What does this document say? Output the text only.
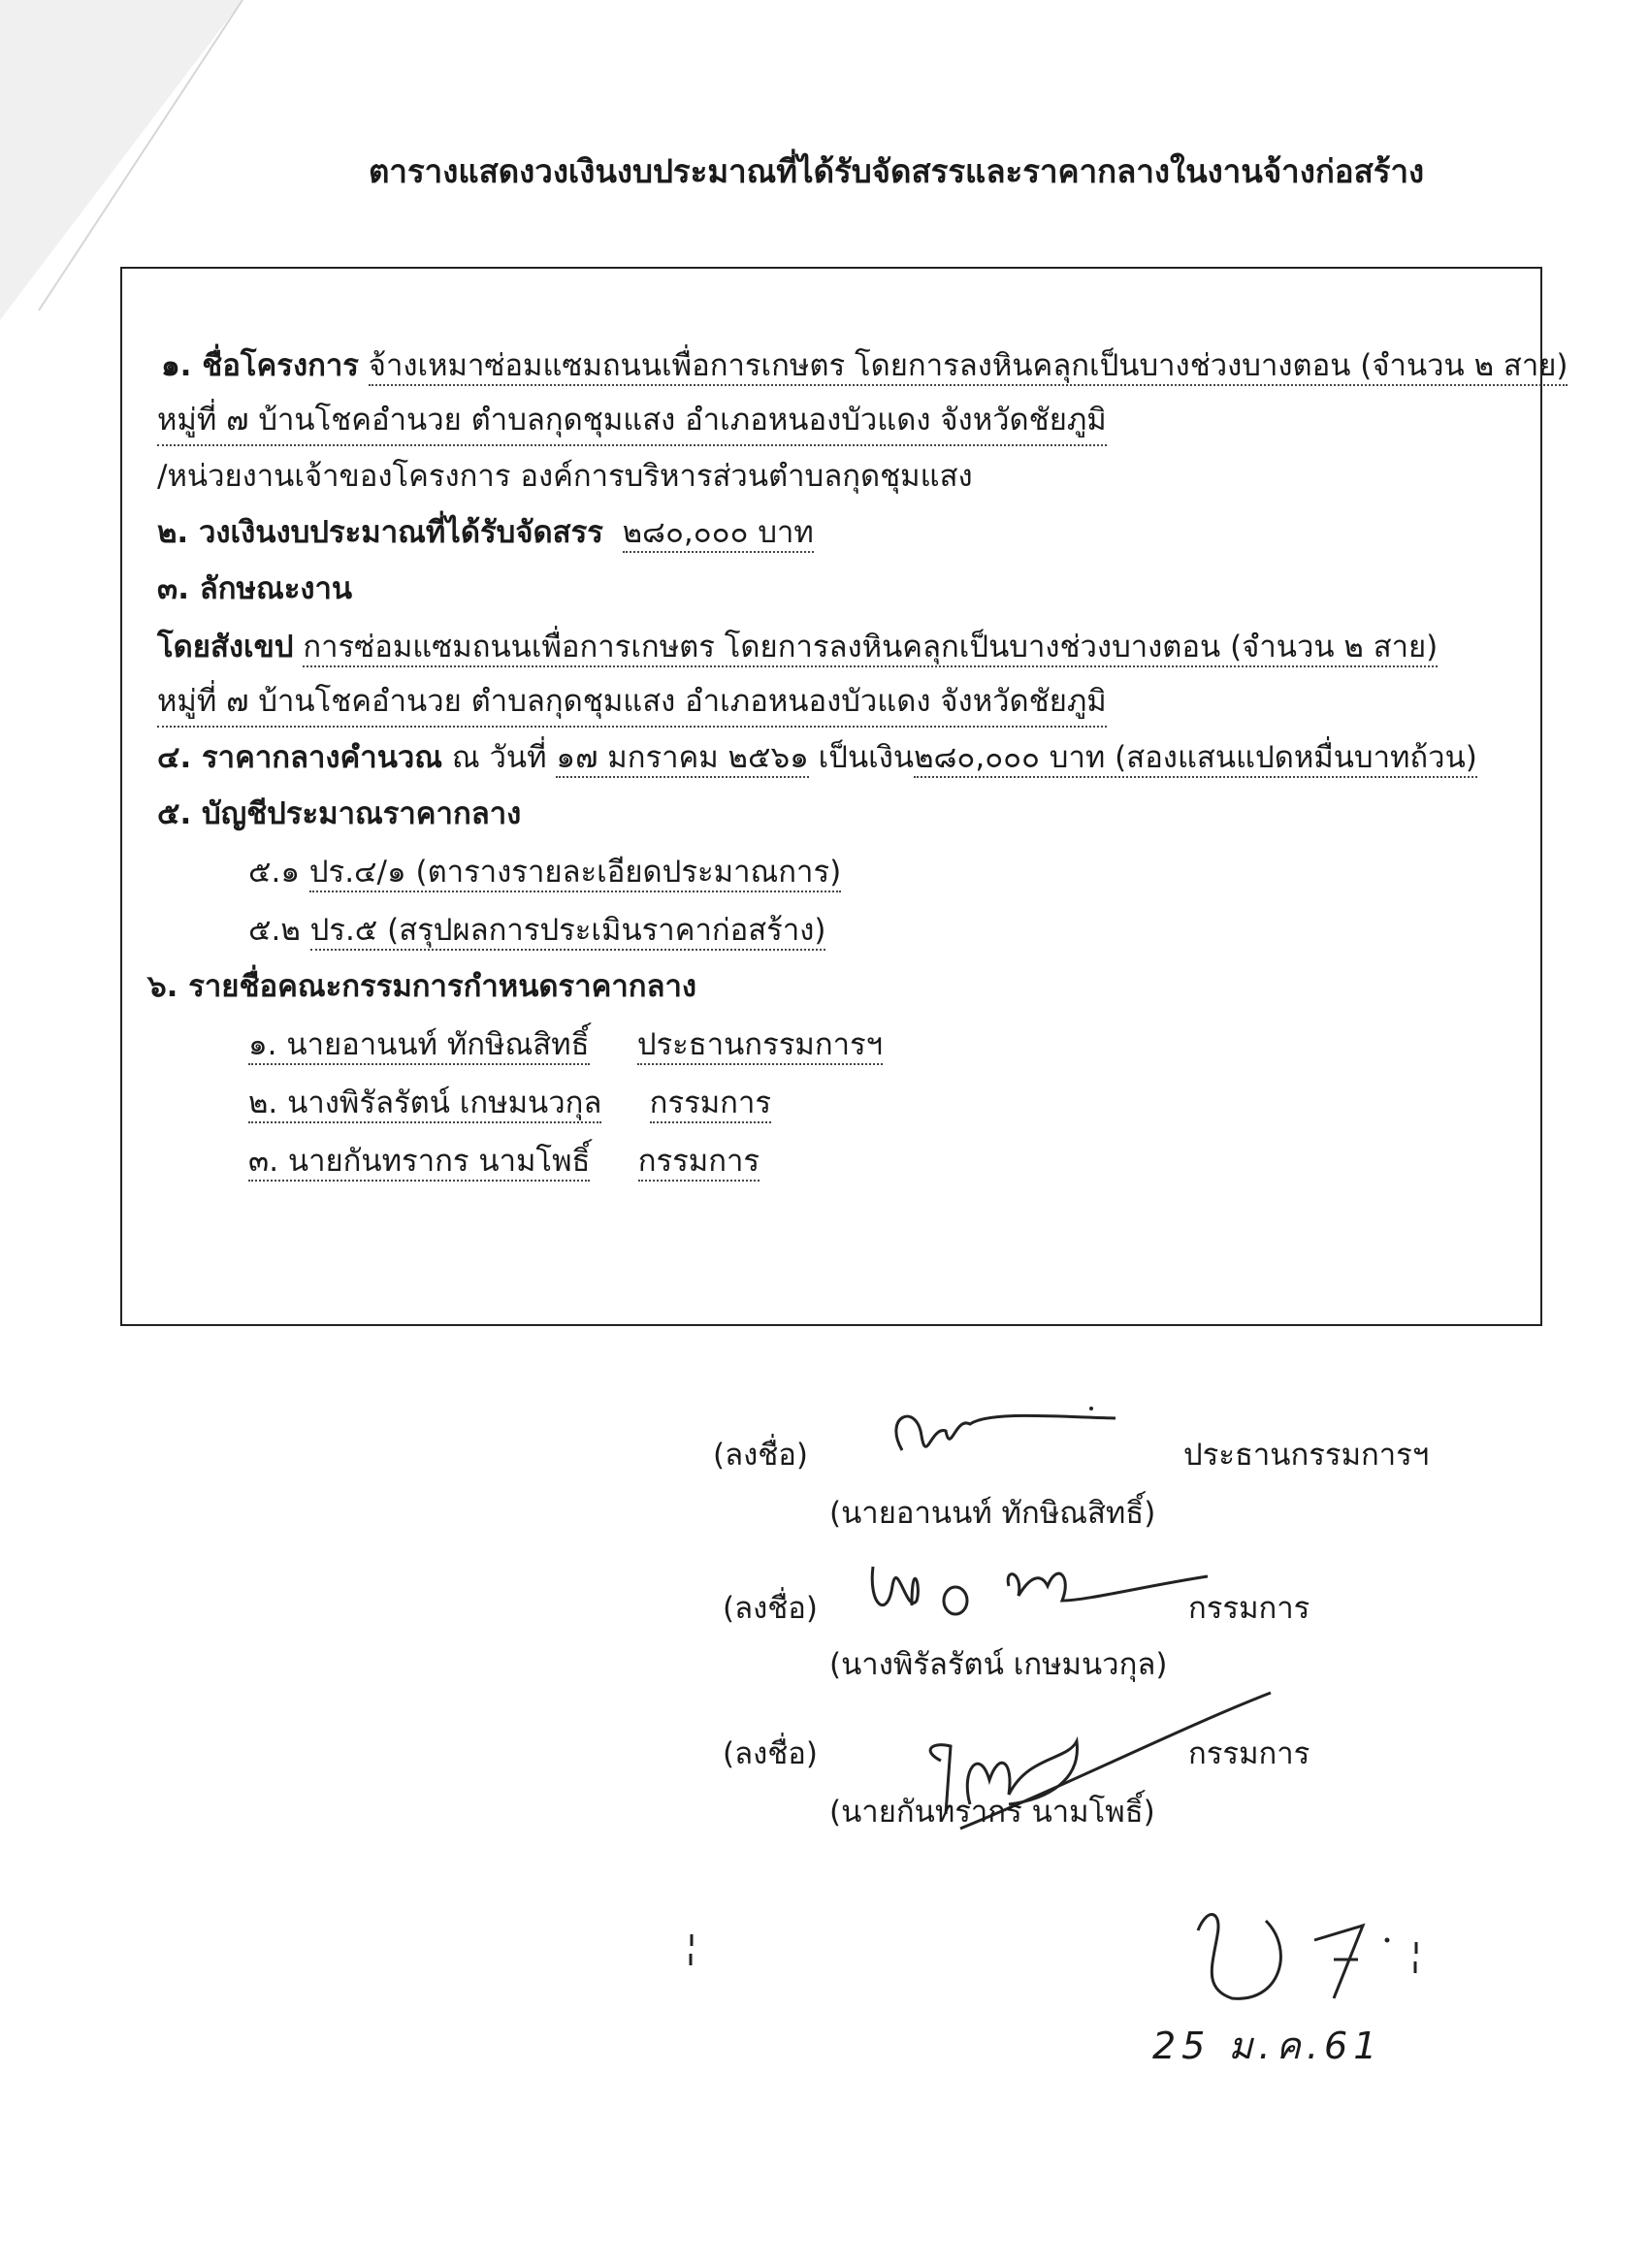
ตารางแสดงวงเงินงบประมาณที่ได้รับจัดสรรและราคากลางในงานจ้างก่อสร้าง
๑. ชื่อโครงการ จ้างเหมาซ่อมแซมถนนเพื่อการเกษตร โดยการลงหินคลุกเป็นบางช่วงบางตอน (จำนวน ๒ สาย)
หมู่ที่ ๗ บ้านโชคอำนวย ตำบลกุดชุมแสง อำเภอหนองบัวแดง จังหวัดชัยภูมิ
/หน่วยงานเจ้าของโครงการ องค์การบริหารส่วนตำบลกุดชุมแสง
๒. วงเงินงบประมาณที่ได้รับจัดสรร ๒๘๐,๐๐๐ บาท
๓. ลักษณะงาน
โดยสังเขป การซ่อมแซมถนนเพื่อการเกษตร โดยการลงหินคลุกเป็นบางช่วงบางตอน (จำนวน ๒ สาย)
หมู่ที่ ๗ บ้านโชคอำนวย ตำบลกุดชุมแสง อำเภอหนองบัวแดง จังหวัดชัยภูมิ
๔. ราคากลางคำนวณ ณ วันที่ ๑๗ มกราคม ๒๕๖๑ เป็นเงิน๒๘๐,๐๐๐ บาท (สองแสนแปดหมื่นบาทถ้วน)
๕. บัญชีประมาณราคากลาง
๕.๑ ปร.๔/๑ (ตารางรายละเอียดประมาณการ)
๕.๒ ปร.๕ (สรุปผลการประเมินราคาก่อสร้าง)
๖. รายชื่อคณะกรรมการกำหนดราคากลาง
๑. นายอานนท์ ทักษิณสิทธิ์ ประธานกรรมการฯ
๒. นางพิรัลรัตน์ เกษมนวกุล กรรมการ
๓. นายกันทรากร นามโพธิ์ กรรมการ
(ลงชื่อ)	ประธานกรรมการฯ
(นายอานนท์ ทักษิณสิทธิ์)
(ลงชื่อ)	กรรมการ
(นางพิรัลรัตน์ เกษมนวกุล)
(ลงชื่อ)	กรรมการ
(นายกันทรากร นามโพธิ์)
25 ม.ค.61
